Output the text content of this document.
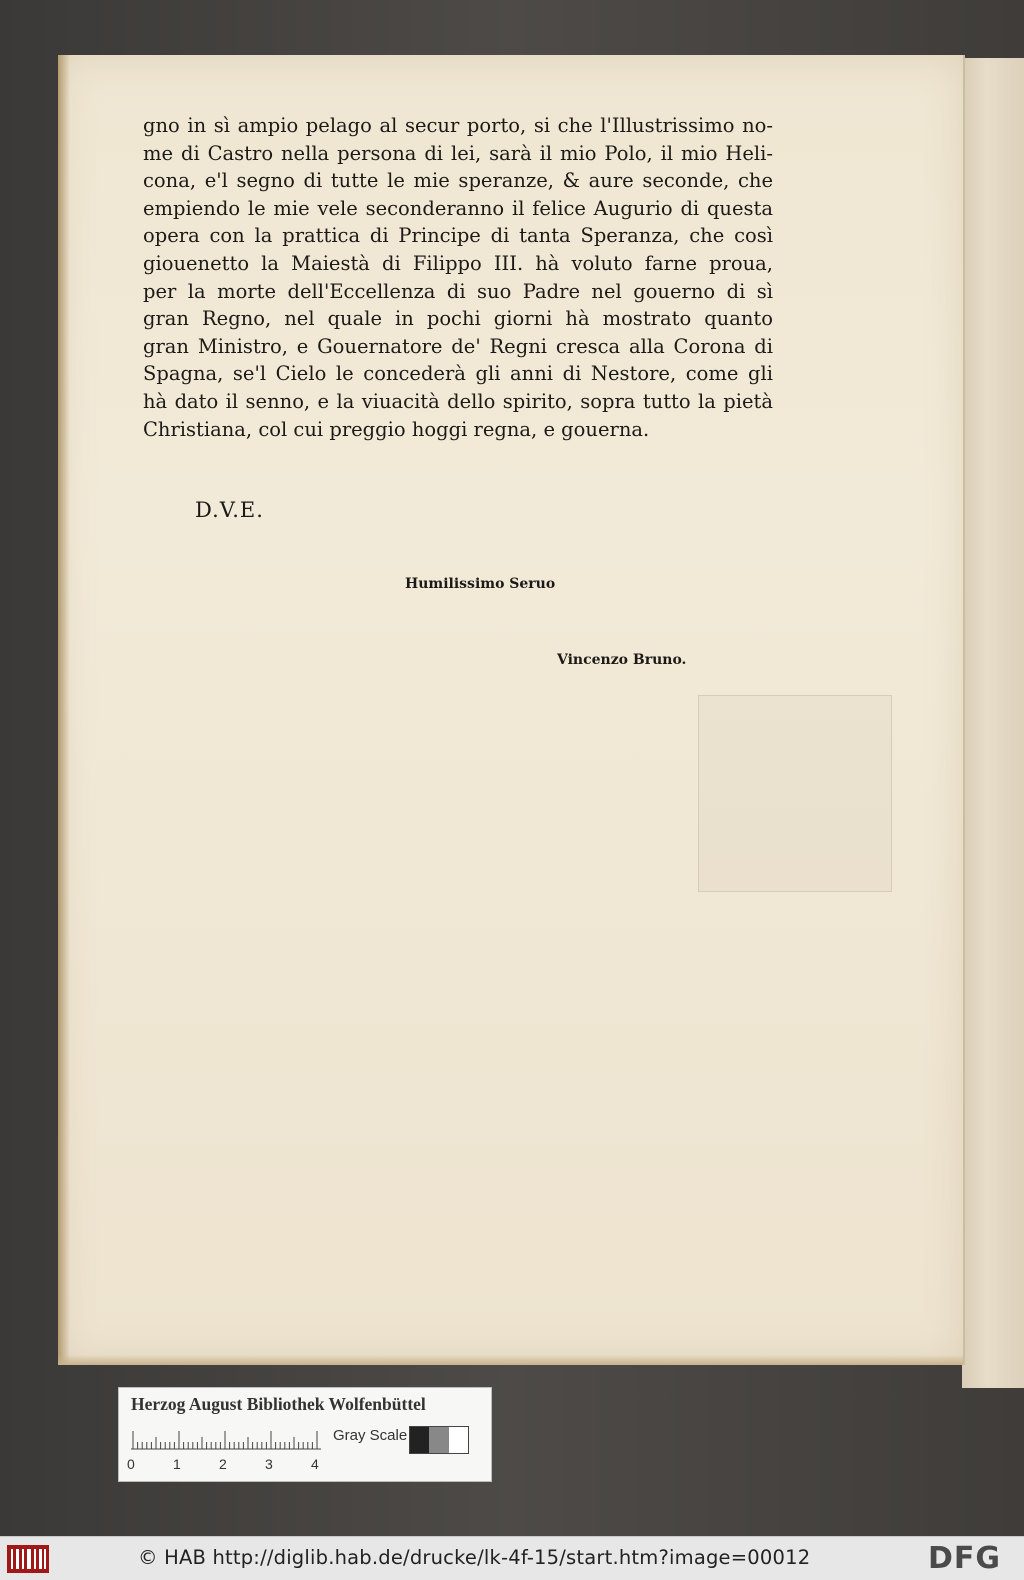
gno in sì ampio pelago al secur porto, si che l'Illustrissimo no-
me di Castro nella persona di lei, sarà il mio Polo, il mio Heli-
cona, e'l segno di tutte le mie speranze, & aure seconde, che
empiendo le mie vele seconderanno il felice Augurio di questa
opera con la prattica di Principe di tanta Speranza, che così
giouenetto la Maiestà di Filippo III. hà voluto farne proua,
per la morte dell'Eccellenza di suo Padre nel gouerno di sì
gran Regno, nel quale in pochi giorni hà mostrato quanto
gran Ministro, e Gouernatore de' Regni cresca alla Corona di
Spagna, se'l Cielo le concederà gli anni di Nestore, come gli
hà dato il senno, e la viuacità dello spirito, sopra tutto la pietà
Christiana, col cui preggio hoggi regna, e gouerna.
D.V.E.
Humilissimo Seruo
Vincenzo Bruno.
Herzog August Bibliothek Wolfenbüttel
0	1	2	3	4
Gray Scale
© HAB http://diglib.hab.de/drucke/lk-4f-15/start.htm?image=00012	DFG
